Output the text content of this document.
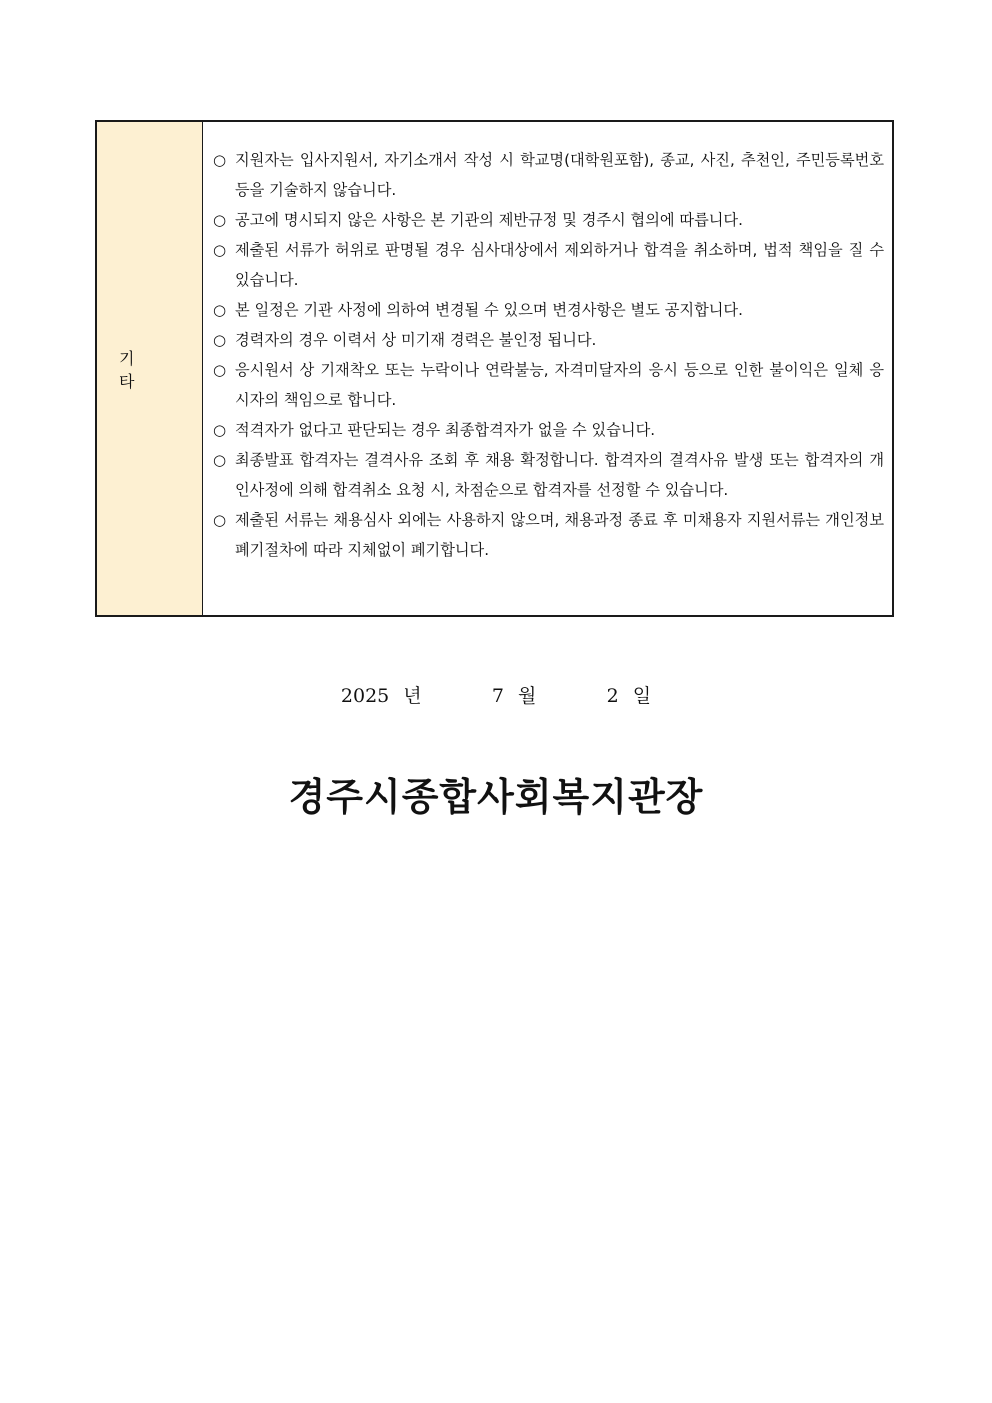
기 타
○ 지원자는 입사지원서, 자기소개서 작성 시 학교명(대학원포함), 종교, 사진, 추천인, 주민등록번호 등을 기술하지 않습니다.
○ 공고에 명시되지 않은 사항은 본 기관의 제반규정 및 경주시 협의에 따릅니다.
○ 제출된 서류가 허위로 판명될 경우 심사대상에서 제외하거나 합격을 취소하며, 법적 책임을 질 수 있습니다.
○ 본 일정은 기관 사정에 의하여 변경될 수 있으며 변경사항은 별도 공지합니다.
○ 경력자의 경우 이력서 상 미기재 경력은 불인정 됩니다.
○ 응시원서 상 기재착오 또는 누락이나 연락불능, 자격미달자의 응시 등으로 인한 불이익은 일체 응시자의 책임으로 합니다.
○ 적격자가 없다고 판단되는 경우 최종합격자가 없을 수 있습니다.
○ 최종발표 합격자는 결격사유 조회 후 채용 확정합니다. 합격자의 결격사유 발생 또는 합격자의 개인사정에 의해 합격취소 요청 시, 차점순으로 합격자를 선정할 수 있습니다.
○ 제출된 서류는 채용심사 외에는 사용하지 않으며, 채용과정 종료 후 미채용자 지원서류는 개인정보 폐기절차에 따라 지체없이 폐기합니다.
2025 년	7 월	2 일
경주시종합사회복지관장
